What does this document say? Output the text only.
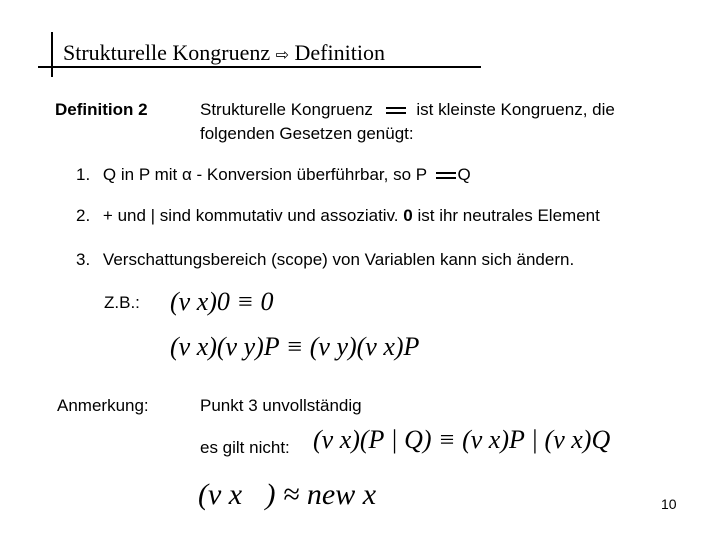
Strukturelle Kongruenz ⇨ Definition
Definition 2	Strukturelle Kongruenz	ist kleinste Kongruenz, die
folgenden Gesetzen genügt:
1. Q in P mit α - Konversion überführbar, so P Q
2. + und | sind kommutativ und assoziativ. 0 ist ihr neutrales Element
3. Verschattungsbereich (scope) von Variablen kann sich ändern.
Z.B.: (ν x)0 ≡ 0
(ν x)(ν y)P ≡ (ν y)(ν x)P
Anmerkung:	Punkt 3 unvollständig
es gilt nicht: (ν x)(P | Q) ≡ (ν x)P | (ν x)Q
(ν x⃗) ≈ new x⃗	10
